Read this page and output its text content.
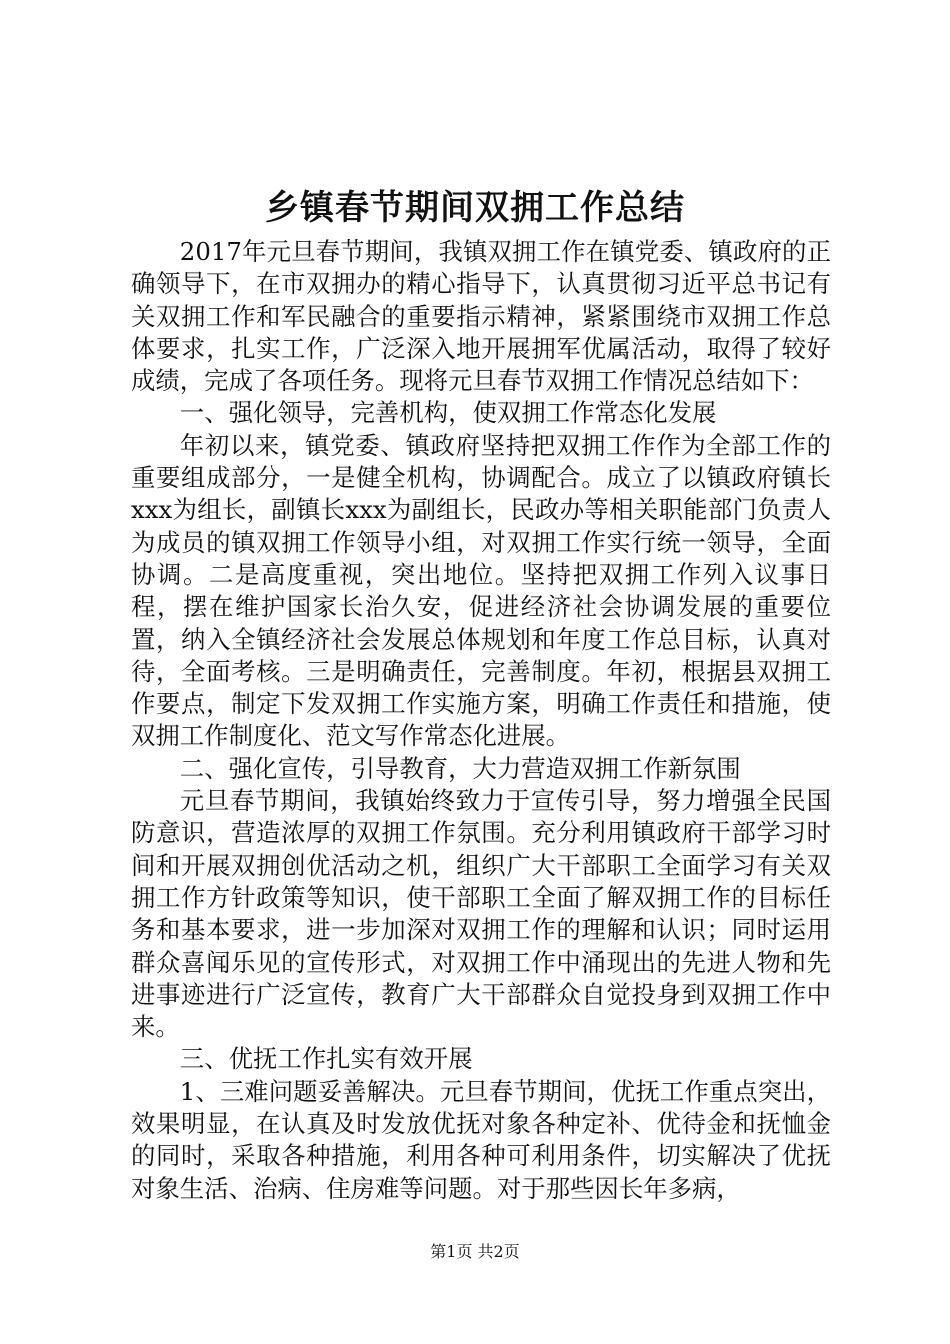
乡镇春节期间双拥工作总结

2017年元旦春节期间，我镇双拥工作在镇党委、镇政府的正确领导下，在市双拥办的精心指导下，认真贯彻习近平总书记有关双拥工作和军民融合的重要指示精神，紧紧围绕市双拥工作总体要求，扎实工作，广泛深入地开展拥军优属活动，取得了较好成绩，完成了各项任务。现将元旦春节双拥工作情况总结如下：

一、强化领导，完善机构，使双拥工作常态化发展

年初以来，镇党委、镇政府坚持把双拥工作作为全部工作的重要组成部分，一是健全机构，协调配合。成立了以镇政府镇长xxx为组长，副镇长xxx为副组长，民政办等相关职能部门负责人为成员的镇双拥工作领导小组，对双拥工作实行统一领导，全面协调。二是高度重视，突出地位。坚持把双拥工作列入议事日程，摆在维护国家长治久安，促进经济社会协调发展的重要位置，纳入全镇经济社会发展总体规划和年度工作总目标，认真对待，全面考核。三是明确责任，完善制度。年初，根据县双拥工作要点，制定下发双拥工作实施方案，明确工作责任和措施，使双拥工作制度化、范文写作常态化进展。

二、强化宣传，引导教育，大力营造双拥工作新氛围

元旦春节期间，我镇始终致力于宣传引导，努力增强全民国防意识，营造浓厚的双拥工作氛围。充分利用镇政府干部学习时间和开展双拥创优活动之机，组织广大干部职工全面学习有关双拥工作方针政策等知识，使干部职工全面了解双拥工作的目标任务和基本要求，进一步加深对双拥工作的理解和认识；同时运用群众喜闻乐见的宣传形式，对双拥工作中涌现出的先进人物和先进事迹进行广泛宣传，教育广大干部群众自觉投身到双拥工作中来。

三、优抚工作扎实有效开展

1、三难问题妥善解决。元旦春节期间，优抚工作重点突出，效果明显，在认真及时发放优抚对象各种定补、优待金和抚恤金的同时，采取各种措施，利用各种可利用条件，切实解决了优抚对象生活、治病、住房难等问题。对于那些因长年多病，

第1页 共2页
